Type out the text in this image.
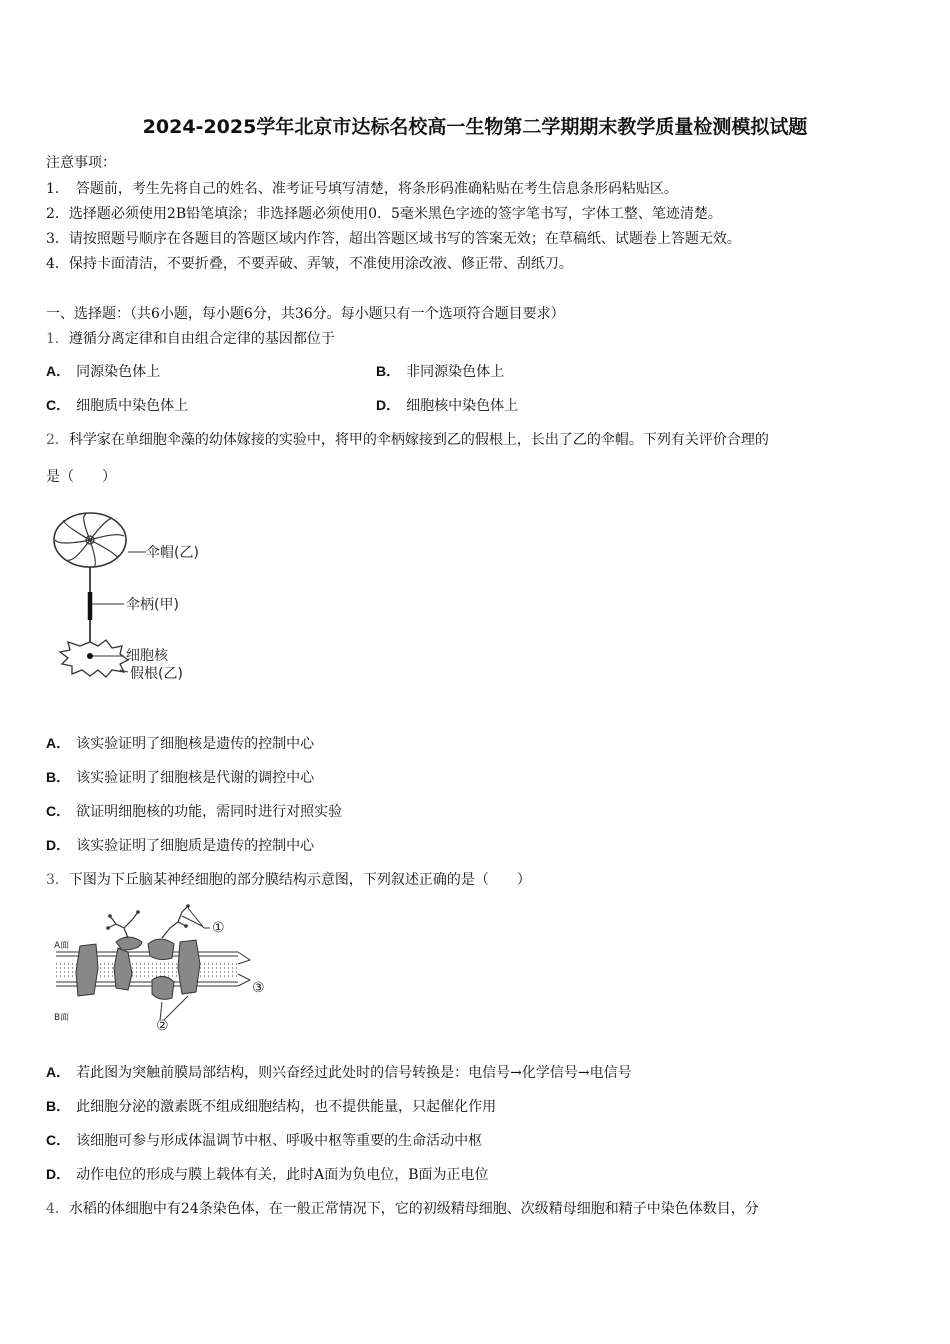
2024-2025学年北京市达标名校高一生物第二学期期末教学质量检测模拟试题
注意事项：
1．　答题前，考生先将自己的姓名、准考证号填写清楚，将条形码准确粘贴在考生信息条形码粘贴区。
2．选择题必须使用2B铅笔填涂；非选择题必须使用0．5毫米黑色字迹的签字笔书写，字体工整、笔迹清楚。
3．请按照题号顺序在各题目的答题区域内作答，超出答题区域书写的答案无效；在草稿纸、试题卷上答题无效。
4．保持卡面清洁，不要折叠，不要弄破、弄皱，不准使用涂改液、修正带、刮纸刀。
一、选择题：（共6小题，每小题6分，共36分。每小题只有一个选项符合题目要求）
1．遵循分离定律和自由组合定律的基因都位于
A． 同源染色体上	B． 非同源染色体上
C． 细胞质中染色体上	D． 细胞核中染色体上
2．科学家在单细胞伞藻的幼体嫁接的实验中，将甲的伞柄嫁接到乙的假根上，长出了乙的伞帽。下列有关评价合理的
是（　　）
伞帽(乙)
伞柄(甲)
细胞核
假根(乙)
A． 该实验证明了细胞核是遗传的控制中心
B． 该实验证明了细胞核是代谢的调控中心
C． 欲证明细胞核的功能，需同时进行对照实验
D． 该实验证明了细胞质是遗传的控制中心
3．下图为下丘脑某神经细胞的部分膜结构示意图，下列叙述正确的是（　　）
①
③
②
A面
B面
A． 若此图为突触前膜局部结构，则兴奋经过此处时的信号转换是：电信号→化学信号→电信号
B． 此细胞分泌的激素既不组成细胞结构，也不提供能量，只起催化作用
C． 该细胞可参与形成体温调节中枢、呼吸中枢等重要的生命活动中枢
D． 动作电位的形成与膜上载体有关，此时A面为负电位，B面为正电位
4．水稻的体细胞中有24条染色体，在一般正常情况下，它的初级精母细胞、次级精母细胞和精子中染色体数目，分
